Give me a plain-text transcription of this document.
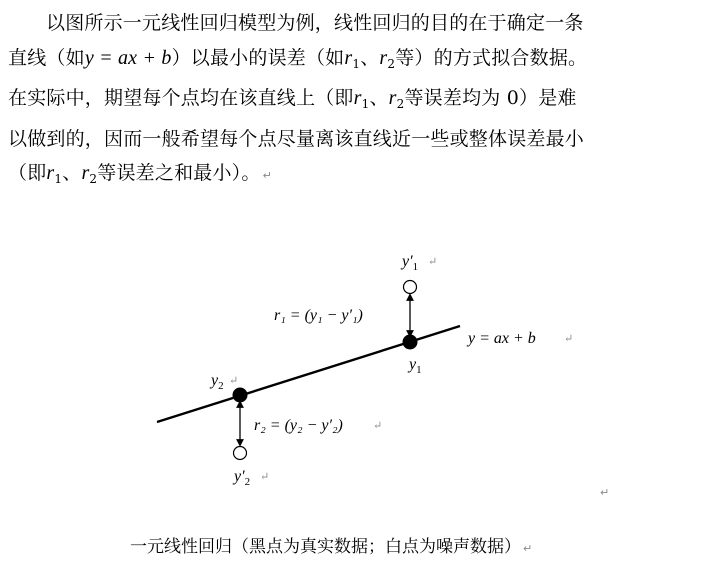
以图所示一元线性回归模型为例，线性回归的目的在于确定一条
直线（如y = ax + b）以最小的误差（如$r_1$、$r_2$等）的方式拟合数据。
在实际中，期望每个点均在该直线上（即$r_1$、$r_2$等误差均为 0）是难
以做到的，因而一般希望每个点尽量离该直线近一些或整体误差最小
（即$r_1$、$r_2$等误差之和最小）。 ↵
$y'_1$ ↵
r₁ = (y₁ − y′₁)
y = ax + b	↵
$y_1$
$y_2$ ↵
r₂ = (y₂ − y′₂)	↵
$y'_2$ ↵
↵
一元线性回归（黑点为真实数据；白点为噪声数据） ↵
